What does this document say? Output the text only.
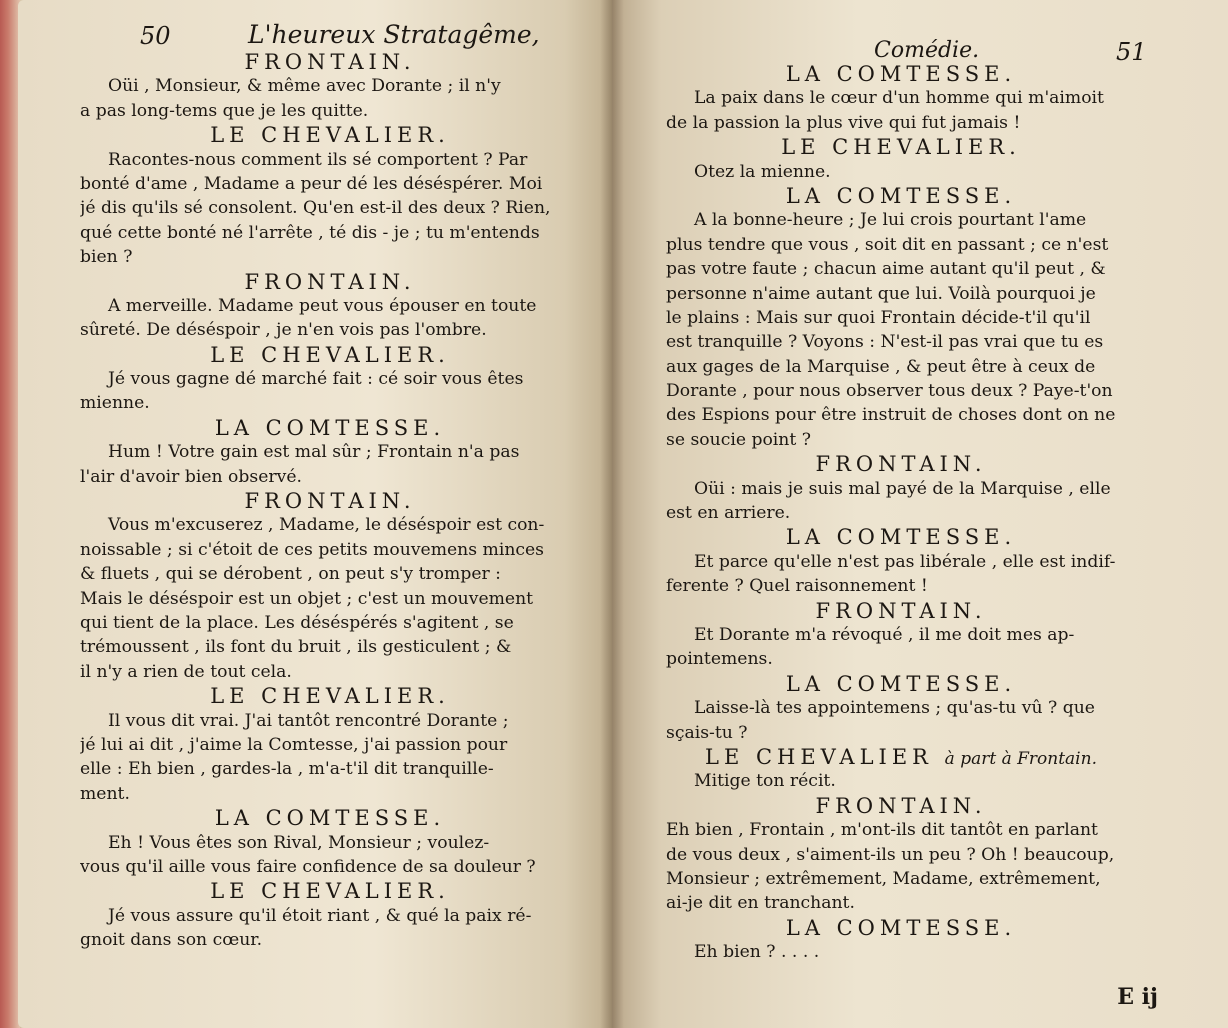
50	L'heureux Stratagême,
FRONTAIN.
Oüi , Monsieur, & même avec Dorante ; il n'y
a pas long-tems que je les quitte.
LE CHEVALIER.
Racontes-nous comment ils sé comportent ? Par
bonté d'ame , Madame a peur dé les déséspérer. Moi
jé dis qu'ils sé consolent. Qu'en est-il des deux ? Rien,
qué cette bonté né l'arrête , té dis - je ; tu m'entends
bien ?
FRONTAIN.
A merveille. Madame peut vous épouser en toute
sûreté. De déséspoir , je n'en vois pas l'ombre.
LE CHEVALIER.
Jé vous gagne dé marché fait : cé soir vous êtes
mienne.
LA COMTESSE.
Hum ! Votre gain est mal sûr ; Frontain n'a pas
l'air d'avoir bien observé.
FRONTAIN.
Vous m'excuserez , Madame, le déséspoir est con-
noissable ; si c'étoit de ces petits mouvemens minces
& fluets , qui se dérobent , on peut s'y tromper :
Mais le déséspoir est un objet ; c'est un mouvement
qui tient de la place. Les déséspérés s'agitent , se
trémoussent , ils font du bruit , ils gesticulent ; &
il n'y a rien de tout cela.
LE CHEVALIER.
Il vous dit vrai. J'ai tantôt rencontré Dorante ;
jé lui ai dit , j'aime la Comtesse, j'ai passion pour
elle : Eh bien , gardes-la , m'a-t'il dit tranquille-
ment.
LA COMTESSE.
Eh ! Vous êtes son Rival, Monsieur ; voulez-
vous qu'il aille vous faire confidence de sa douleur ?
LE CHEVALIER.
Jé vous assure qu'il étoit riant , & qué la paix ré-
gnoit dans son cœur.
Comédie.	51
LA COMTESSE.
La paix dans le cœur d'un homme qui m'aimoit
de la passion la plus vive qui fut jamais !
LE CHEVALIER.
Otez la mienne.
LA COMTESSE.
A la bonne-heure ; Je lui crois pourtant l'ame
plus tendre que vous , soit dit en passant ; ce n'est
pas votre faute ; chacun aime autant qu'il peut , &
personne n'aime autant que lui. Voilà pourquoi je
le plains : Mais sur quoi Frontain décide-t'il qu'il
est tranquille ? Voyons : N'est-il pas vrai que tu es
aux gages de la Marquise , & peut être à ceux de
Dorante , pour nous observer tous deux ? Paye-t'on
des Espions pour être instruit de choses dont on ne
se soucie point ?
FRONTAIN.
Oüi : mais je suis mal payé de la Marquise , elle
est en arriere.
LA COMTESSE.
Et parce qu'elle n'est pas libérale , elle est indif-
ferente ? Quel raisonnement !
FRONTAIN.
Et Dorante m'a révoqué , il me doit mes ap-
pointemens.
LA COMTESSE.
Laisse-là tes appointemens ; qu'as-tu vû ? que
sçais-tu ?
LE CHEVALIER à part à Frontain.
Mitige ton récit.
FRONTAIN.
Eh bien , Frontain , m'ont-ils dit tantôt en parlant
de vous deux , s'aiment-ils un peu ? Oh ! beaucoup,
Monsieur ; extrêmement, Madame, extrêmement,
ai-je dit en tranchant.
LA COMTESSE.
Eh bien ? . . . .
E ij
